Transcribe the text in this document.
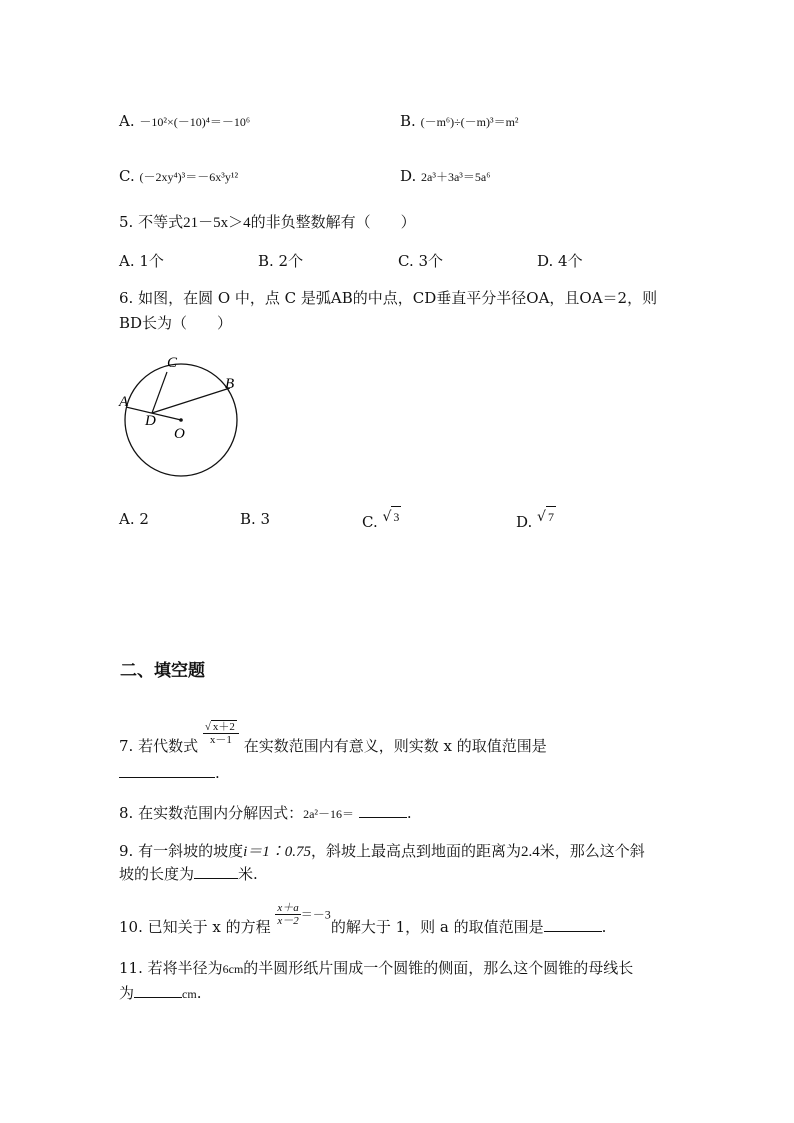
A. －10²×(－10)⁴＝－10⁶	B. (－m⁶)÷(－m)³＝m²
C. (－2xy⁴)³＝－6x³y¹²	D. 2a³＋3a³＝5a⁶
5. 不等式21－5x＞4的非负整数解有（　　）
A. 1个	B. 2个	C. 3个	D. 4个
6. 如图，在圆 O 中，点 C 是弧AB的中点，CD垂直平分半径OA，且OA＝2，则
BD长为（　　）
C
B
A
D
O
A. 2	B. 3	C. √ 3	D. √ 7
二、填空题
7. 若代数式 $\frac{√ x+2}{x-1}$ 在实数范围内有意义，则实数 x 的取值范围是
.
8. 在实数范围内分解因式：2a²－16＝	.
9. 有一斜坡的坡度i＝1∶0.75，斜坡上最高点到地面的距离为2.4米，那么这个斜
坡的长度为	米.
10. 已知关于 x 的方程 $\frac{x+a}{x-2} =-3$的解大于 1，则 a 的取值范围是	.
11. 若将半径为6cm的半圆形纸片围成一个圆锥的侧面，那么这个圆锥的母线长
为	cm.
